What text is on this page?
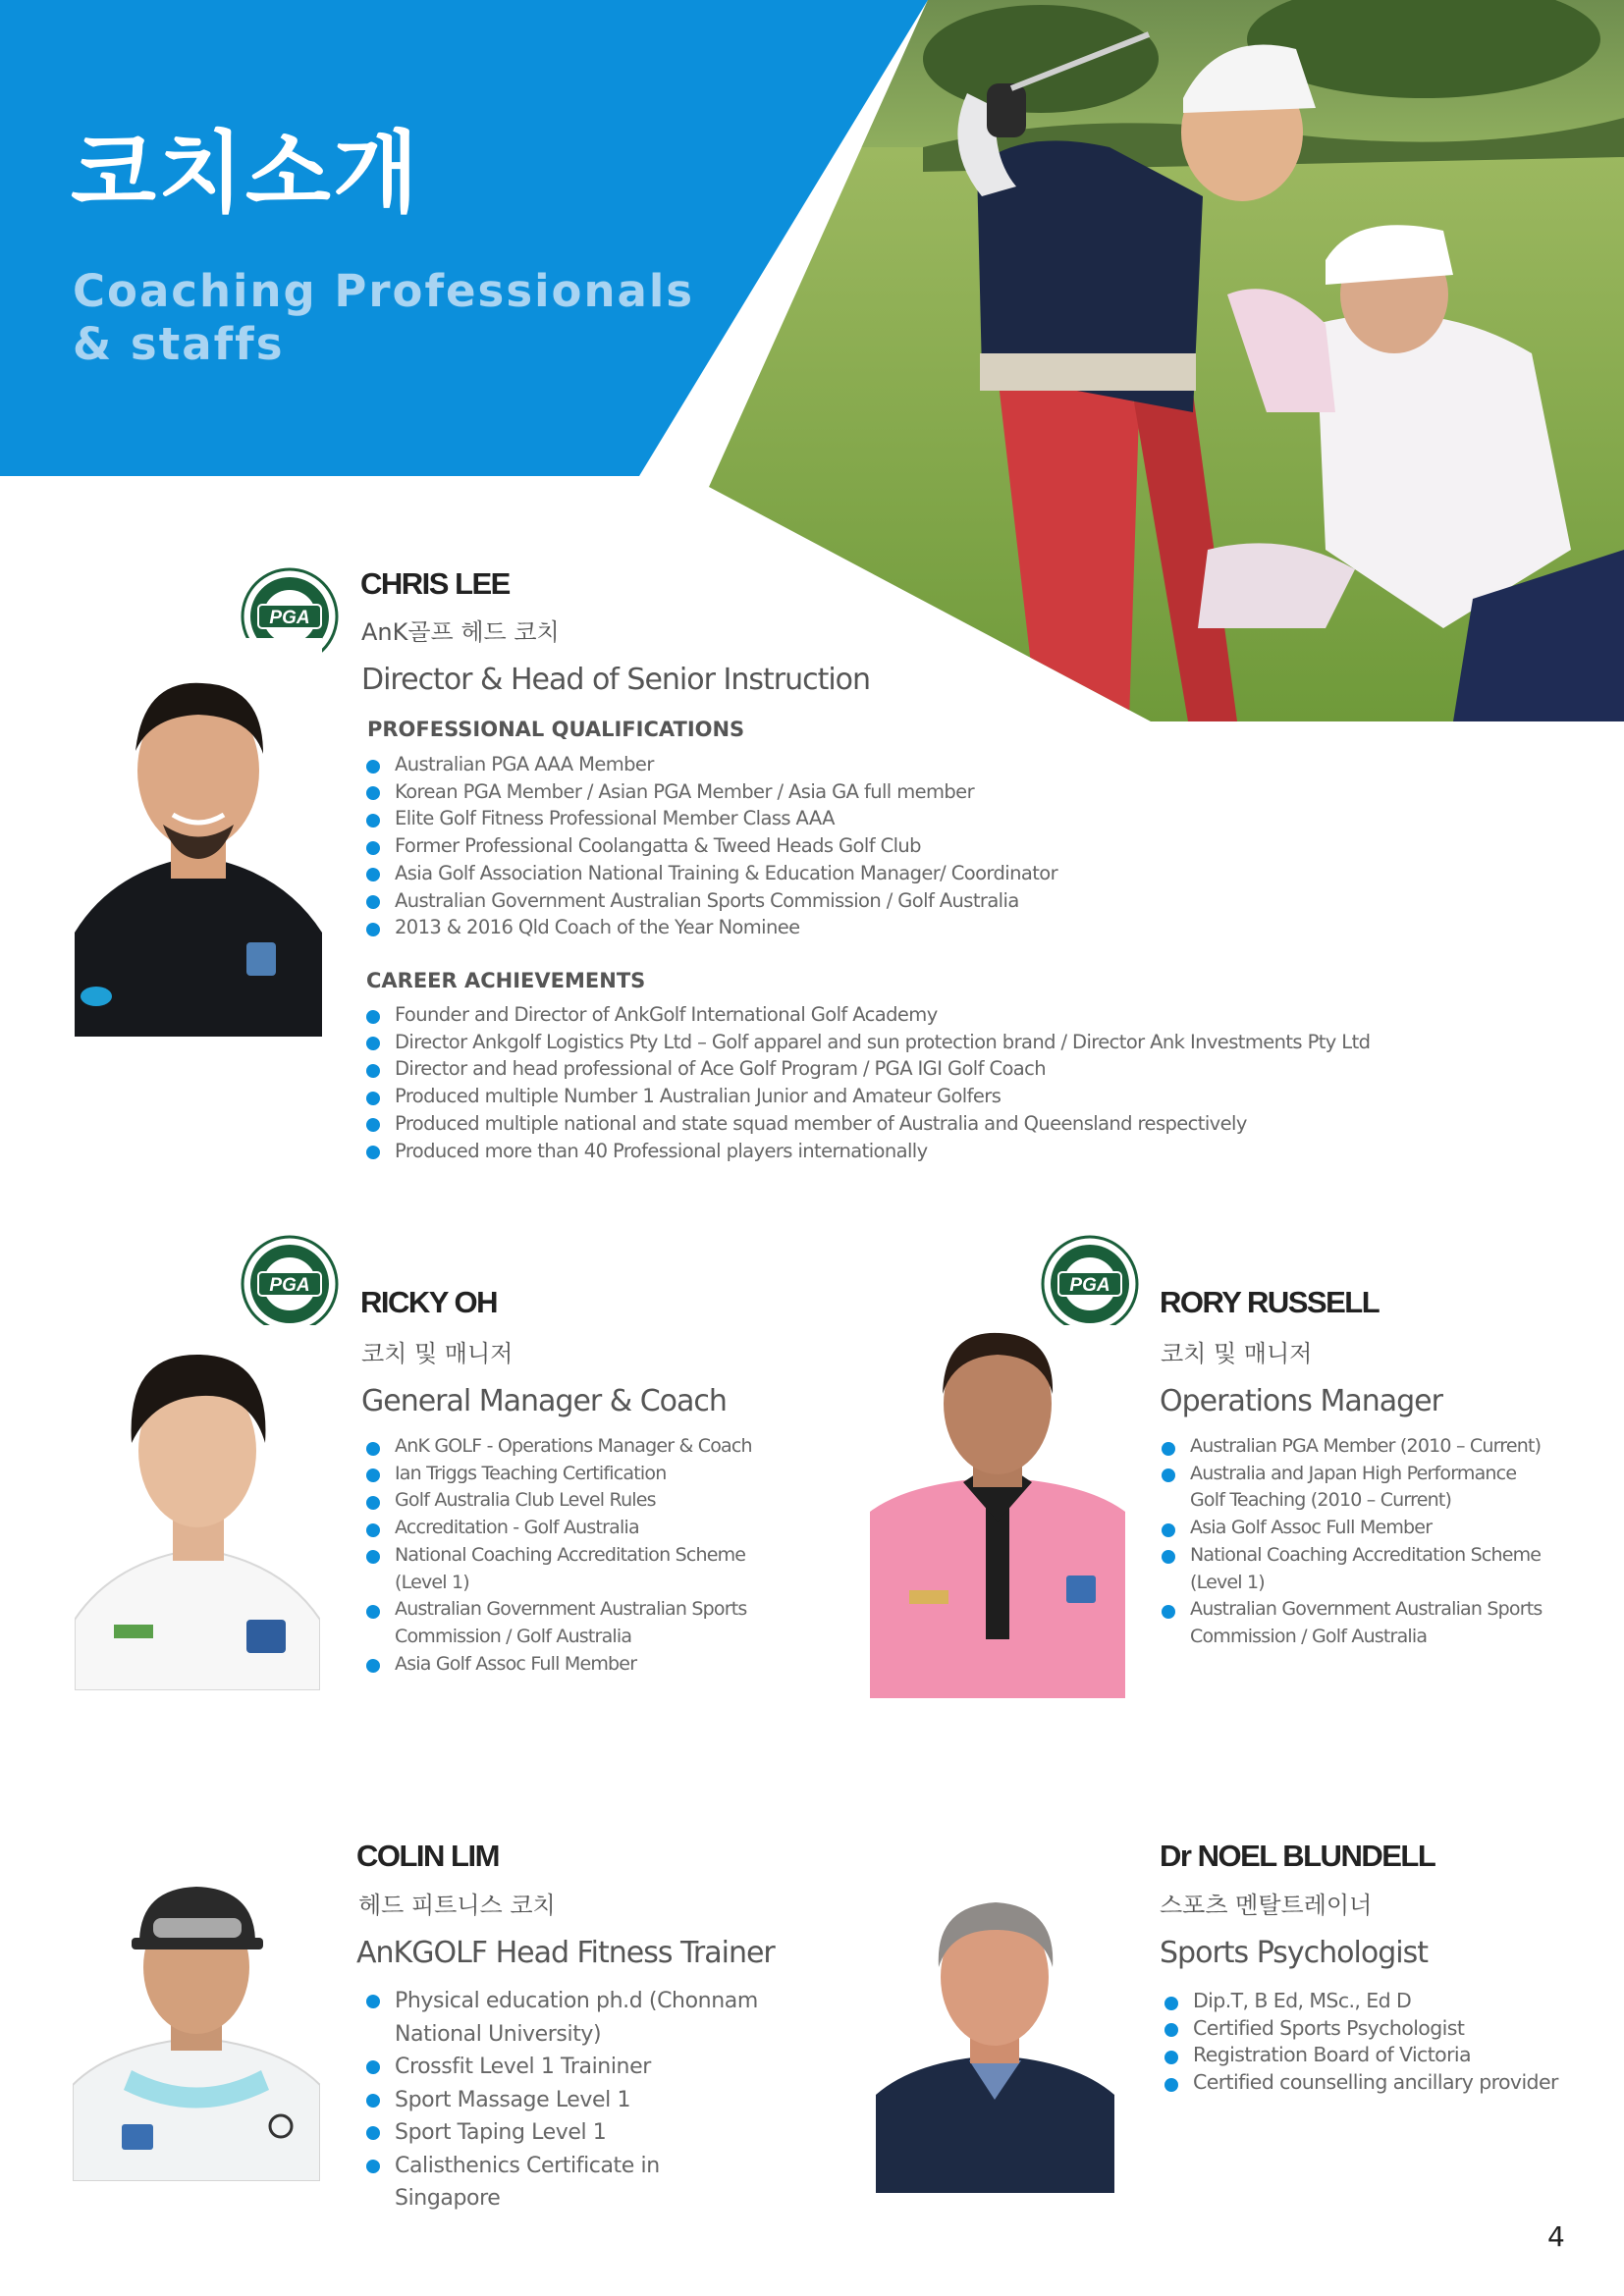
코치소개
Coaching Professionals
& staffs
PGA
CHRIS LEE

AnK골프 헤드 코치

Director & Head of Senior Instruction

PROFESSIONAL QUALIFICATIONS

Australian PGA AAA Member
Korean PGA Member / Asian PGA Member / Asia GA full member
Elite Golf Fitness Professional Member Class AAA
Former Professional Coolangatta & Tweed Heads Golf Club
Asia Golf Association National Training & Education Manager/ Coordinator
Australian Government Australian Sports Commission / Golf Australia
2013 & 2016 Qld Coach of the Year Nominee

CAREER ACHIEVEMENTS

Founder and Director of AnkGolf International Golf Academy
Director Ankgolf Logistics Pty Ltd – Golf apparel and sun protection brand / Director Ank Investments Pty Ltd
Director and head professional of Ace Golf Program / PGA IGI Golf Coach
Produced multiple Number 1 Australian Junior and Amateur Golfers
Produced multiple national and state squad member of Australia and Queensland respectively
Produced more than 40 Professional players internationally
PGA RICKY OH

코치 및 매니저

General Manager & Coach

AnK GOLF - Operations Manager & Coach
Ian Triggs Teaching Certification
Golf Australia Club Level Rules
Accreditation - Golf Australia
National Coaching Accreditation Scheme (Level 1)
Australian Government Australian Sports Commission / Golf Australia
Asia Golf Assoc Full Member
PGA RORY RUSSELL

코치 및 매니저

Operations Manager

Australian PGA Member (2010 – Current)
Australia and Japan High Performance Golf Teaching (2010 – Current)
Asia Golf Assoc Full Member
National Coaching Accreditation Scheme (Level 1)
Australian Government Australian Sports Commission / Golf Australia
COLIN LIM

헤드 피트니스 코치

AnKGOLF Head Fitness Trainer

Physical education ph.d (Chonnam National University)
Crossfit Level 1 Traininer
Sport Massage Level 1
Sport Taping Level 1
Calisthenics Certificate in Singapore
Dr NOEL BLUNDELL

스포츠 멘탈트레이너

Sports Psychologist

Dip.T, B Ed, MSc., Ed D
Certified Sports Psychologist
Registration Board of Victoria
Certified counselling ancillary provider

4
